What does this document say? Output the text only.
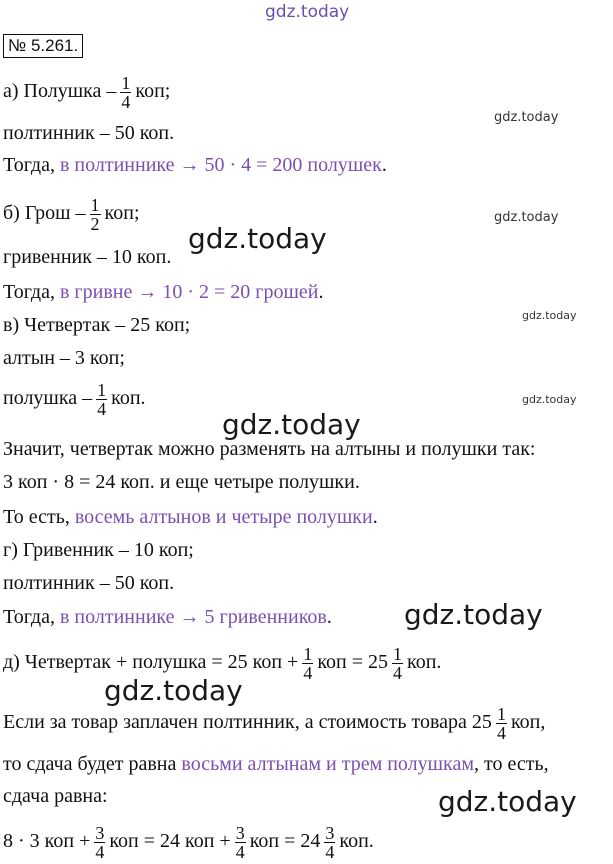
gdz.today
gdz.today
gdz.today
gdz.today
gdz.today
gdz.today
gdz.today
gdz.today
gdz.today
gdz.today
№ 5.261.
а) Полушка – $\frac{1}{4}$ коп;
полтинник – 50 коп.
Тогда, в полтиннике → 50 · 4 = 200 полушек.
б) Грош – $\frac{1}{2}$ коп;
гривенник – 10 коп.
Тогда, в гривне → 10 · 2 = 20 грошей.
в) Четвертак – 25 коп;
алтын – 3 коп;
полушка – $\frac{1}{4}$ коп.
Значит, четвертак можно разменять на алтыны и полушки так:
3 коп · 8 = 24 коп. и еще четыре полушки.
То есть, восемь алтынов и четыре полушки.
г) Гривенник – 10 коп;
полтинник – 50 коп.
Тогда, в полтиннике → 5 гривенников.
д) Четвертак + полушка = 25 коп + $\frac{1}{4}$ коп = $25 \frac{1}{4}$ коп.
Если за товар заплачен полтинник, а стоимость товара $25 \frac{1}{4}$ коп,
то сдача будет равна восьми алтынам и трем полушкам, то есть,
сдача равна:
8 · 3 коп + $\frac{3}{4}$ коп = 24 коп + $\frac{3}{4}$ коп = $24 \frac{3}{4}$ коп.
